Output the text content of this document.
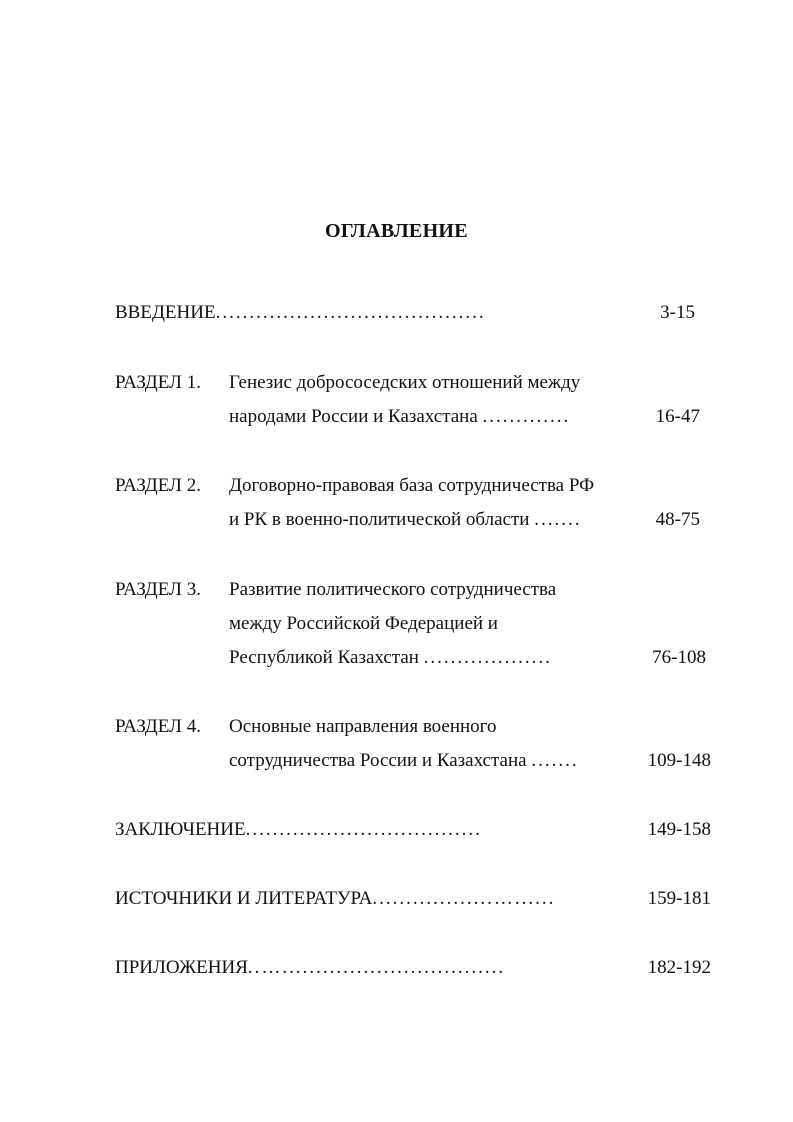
ОГЛАВЛЕНИЕ
ВВЕДЕНИЕ........................................	3-15
РАЗДЕЛ 1. Генезис добрососедских отношений между
народами России и Казахстана .............	16-47
РАЗДЕЛ 2. Договорно-правовая база сотрудничества РФ
и РК в военно-политической области .......	48-75
РАЗДЕЛ 3. Развитие политического сотрудничества
между Российской Федерацией и
Республикой Казахстан ...................	76-108
РАЗДЕЛ 4. Основные направления военного
сотрудничества России и Казахстана .......	109-148
ЗАКЛЮЧЕНИЕ...................................	149-158
ИСТОЧНИКИ И ЛИТЕРАТУРА..................…......	159-181
ПРИЛОЖЕНИЯ..….................................	182-192
